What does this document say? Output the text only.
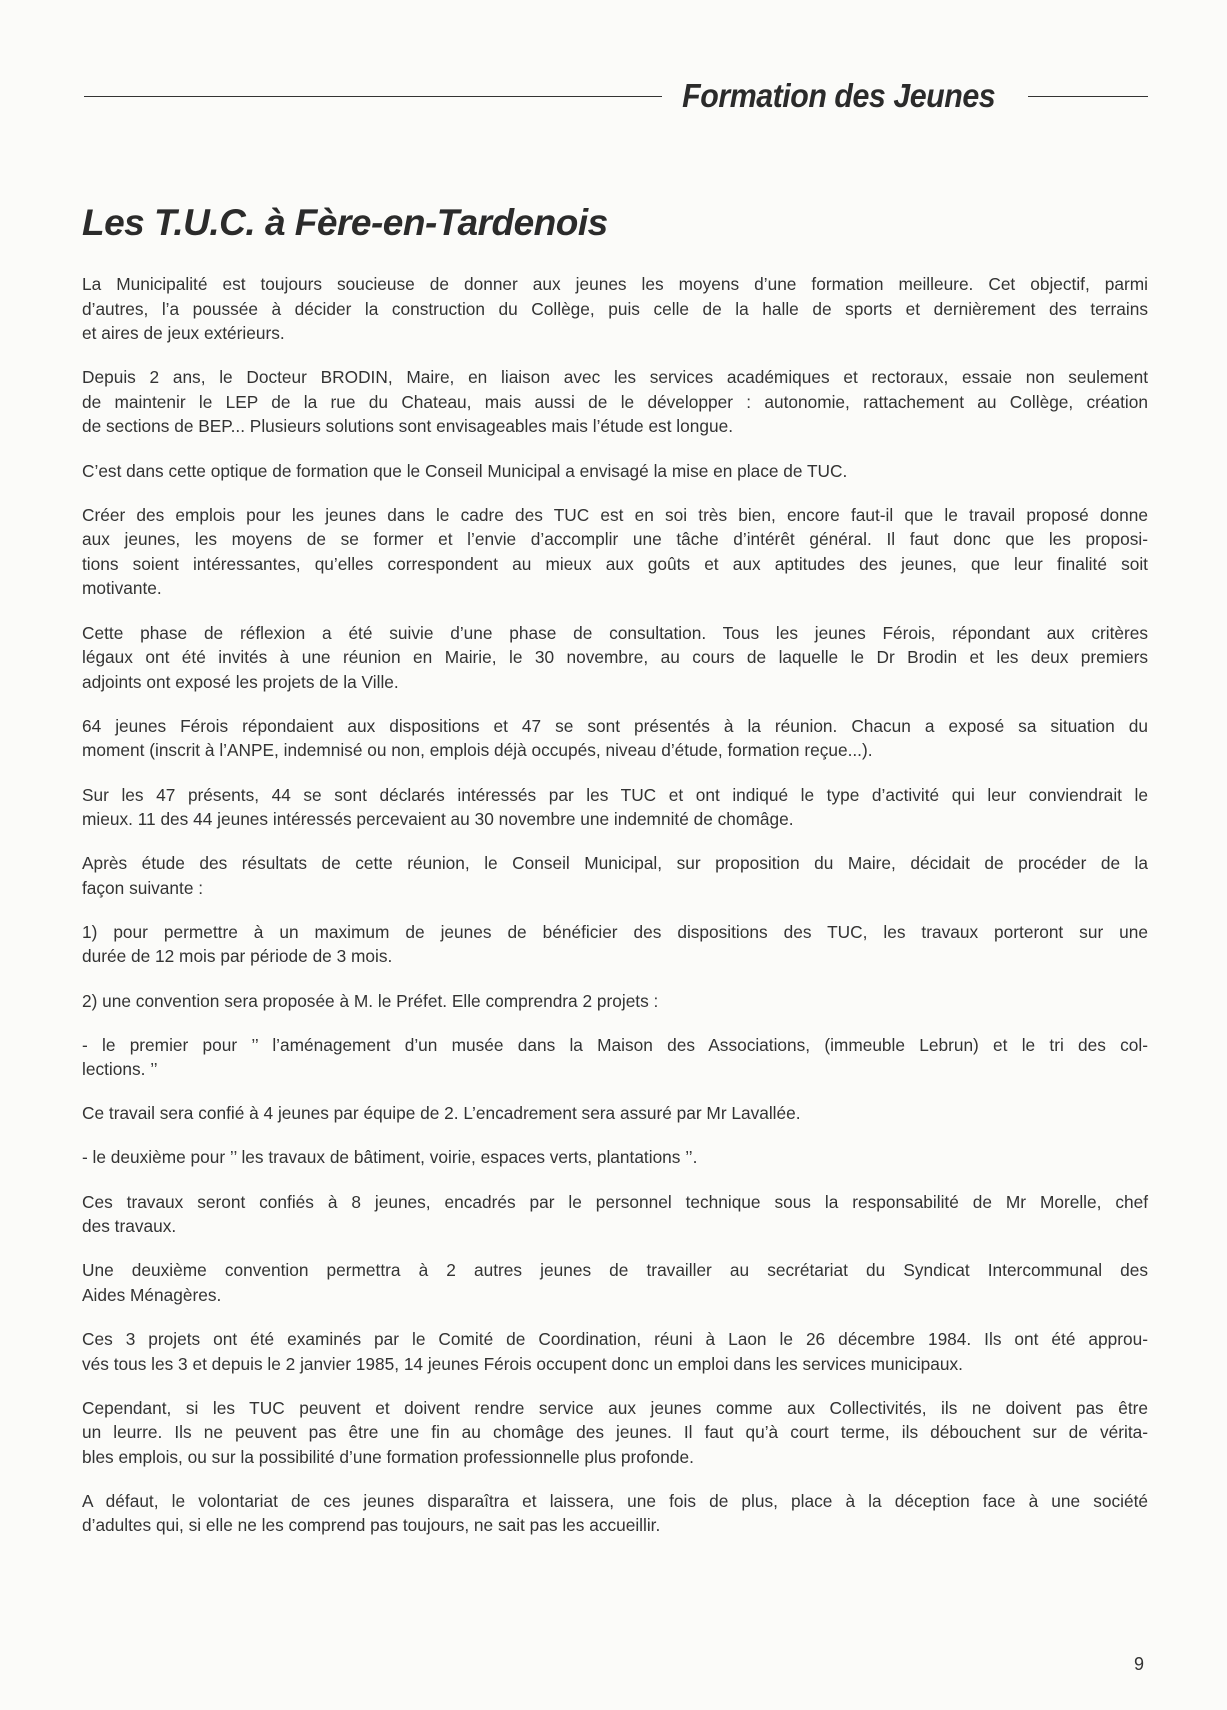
Formation des Jeunes
Les T.U.C. à Fère-en-Tardenois

La Municipalité est toujours soucieuse de donner aux jeunes les moyens d’une formation meilleure. Cet objectif, parmi
d’autres, l’a poussée à décider la construction du Collège, puis celle de la halle de sports et dernièrement des terrains
et aires de jeux extérieurs.

Depuis 2 ans, le Docteur BRODIN, Maire, en liaison avec les services académiques et rectoraux, essaie non seulement
de maintenir le LEP de la rue du Chateau, mais aussi de le développer : autonomie, rattachement au Collège, création
de sections de BEP... Plusieurs solutions sont envisageables mais l’étude est longue.

C’est dans cette optique de formation que le Conseil Municipal a envisagé la mise en place de TUC.

Créer des emplois pour les jeunes dans le cadre des TUC est en soi très bien, encore faut-il que le travail proposé donne
aux jeunes, les moyens de se former et l’envie d’accomplir une tâche d’intérêt général. Il faut donc que les proposi-
tions soient intéressantes, qu’elles correspondent au mieux aux goûts et aux aptitudes des jeunes, que leur finalité soit
motivante.

Cette phase de réflexion a été suivie d’une phase de consultation. Tous les jeunes Férois, répondant aux critères
légaux ont été invités à une réunion en Mairie, le 30 novembre, au cours de laquelle le Dr Brodin et les deux premiers
adjoints ont exposé les projets de la Ville.

64 jeunes Férois répondaient aux dispositions et 47 se sont présentés à la réunion. Chacun a exposé sa situation du
moment (inscrit à l’ANPE, indemnisé ou non, emplois déjà occupés, niveau d’étude, formation reçue...).

Sur les 47 présents, 44 se sont déclarés intéressés par les TUC et ont indiqué le type d’activité qui leur conviendrait le
mieux. 11 des 44 jeunes intéressés percevaient au 30 novembre une indemnité de chomâge.

Après étude des résultats de cette réunion, le Conseil Municipal, sur proposition du Maire, décidait de procéder de la
façon suivante :

1) pour permettre à un maximum de jeunes de bénéficier des dispositions des TUC, les travaux porteront sur une
durée de 12 mois par période de 3 mois.

2) une convention sera proposée à M. le Préfet. Elle comprendra 2 projets :

- le premier pour ’’ l’aménagement d’un musée dans la Maison des Associations, (immeuble Lebrun) et le tri des col-
lections. ’’

Ce travail sera confié à 4 jeunes par équipe de 2. L’encadrement sera assuré par Mr Lavallée.

- le deuxième pour ’’ les travaux de bâtiment, voirie, espaces verts, plantations ’’.

Ces travaux seront confiés à 8 jeunes, encadrés par le personnel technique sous la responsabilité de Mr Morelle, chef
des travaux.

Une deuxième convention permettra à 2 autres jeunes de travailler au secrétariat du Syndicat Intercommunal des
Aides Ménagères.

Ces 3 projets ont été examinés par le Comité de Coordination, réuni à Laon le 26 décembre 1984. Ils ont été approu-
vés tous les 3 et depuis le 2 janvier 1985, 14 jeunes Férois occupent donc un emploi dans les services municipaux.

Cependant, si les TUC peuvent et doivent rendre service aux jeunes comme aux Collectivités, ils ne doivent pas être
un leurre. Ils ne peuvent pas être une fin au chomâge des jeunes. Il faut qu’à court terme, ils débouchent sur de vérita-
bles emplois, ou sur la possibilité d’une formation professionnelle plus profonde.

A défaut, le volontariat de ces jeunes disparaîtra et laissera, une fois de plus, place à la déception face à une société
d’adultes qui, si elle ne les comprend pas toujours, ne sait pas les accueillir.

9
